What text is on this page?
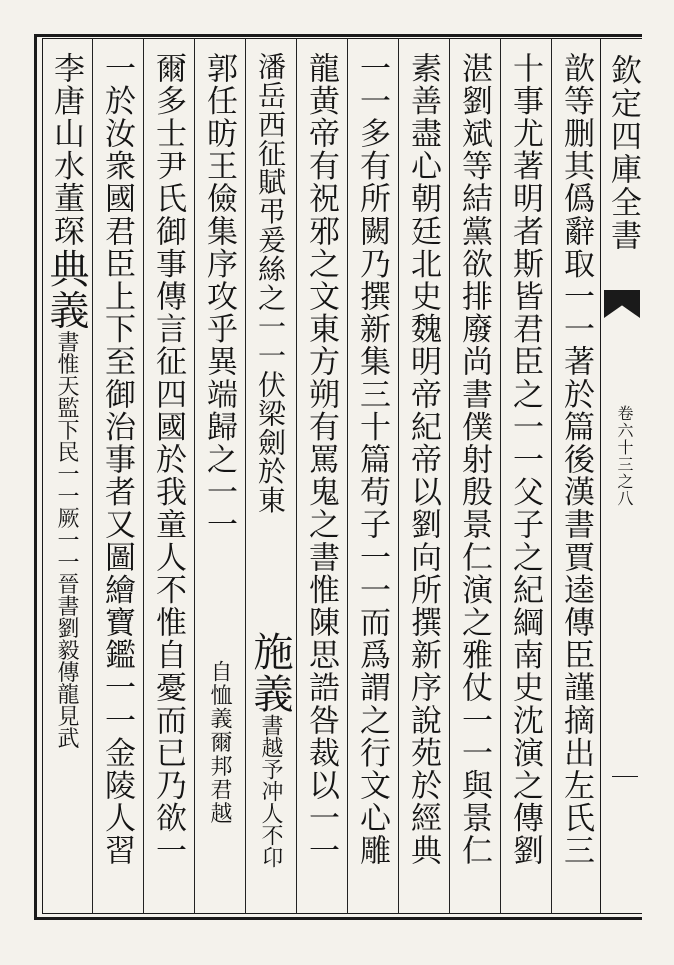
欽定四庫全書
卷六十三之八
歆等删其僞辭取一一著於篇後漢書賈逵傳臣謹摘出左氏三
十事尤著明者斯皆君臣之一一父子之紀綱南史沈演之傳劉
湛劉斌等結黨欲排廢尚書僕射殷景仁演之雅仗一一與景仁
素善盡心朝廷北史魏明帝紀帝以劉向所撰新序說苑於經典
一一多有所闕乃撰新集三十篇苟子一一而爲謂之行文心雕
龍黄帝有祝邪之文東方朔有罵鬼之書惟陳思誥咎裁以一一
潘岳西征賦弔爰絲之一一伏梁劍於東
施義書越予冲人不卬
郭任昉王儉集序攻乎異端歸之一一
自恤義爾邦君越
爾多士尹氏御事傳言征四國於我童人不惟自憂而已乃欲一
一於汝衆國君臣上下至御治事者又圖繪寶鑑一一金陵人習
李唐山水董琛典義書惟天監下民一一厥一一晉書劉毅傳龍見武
